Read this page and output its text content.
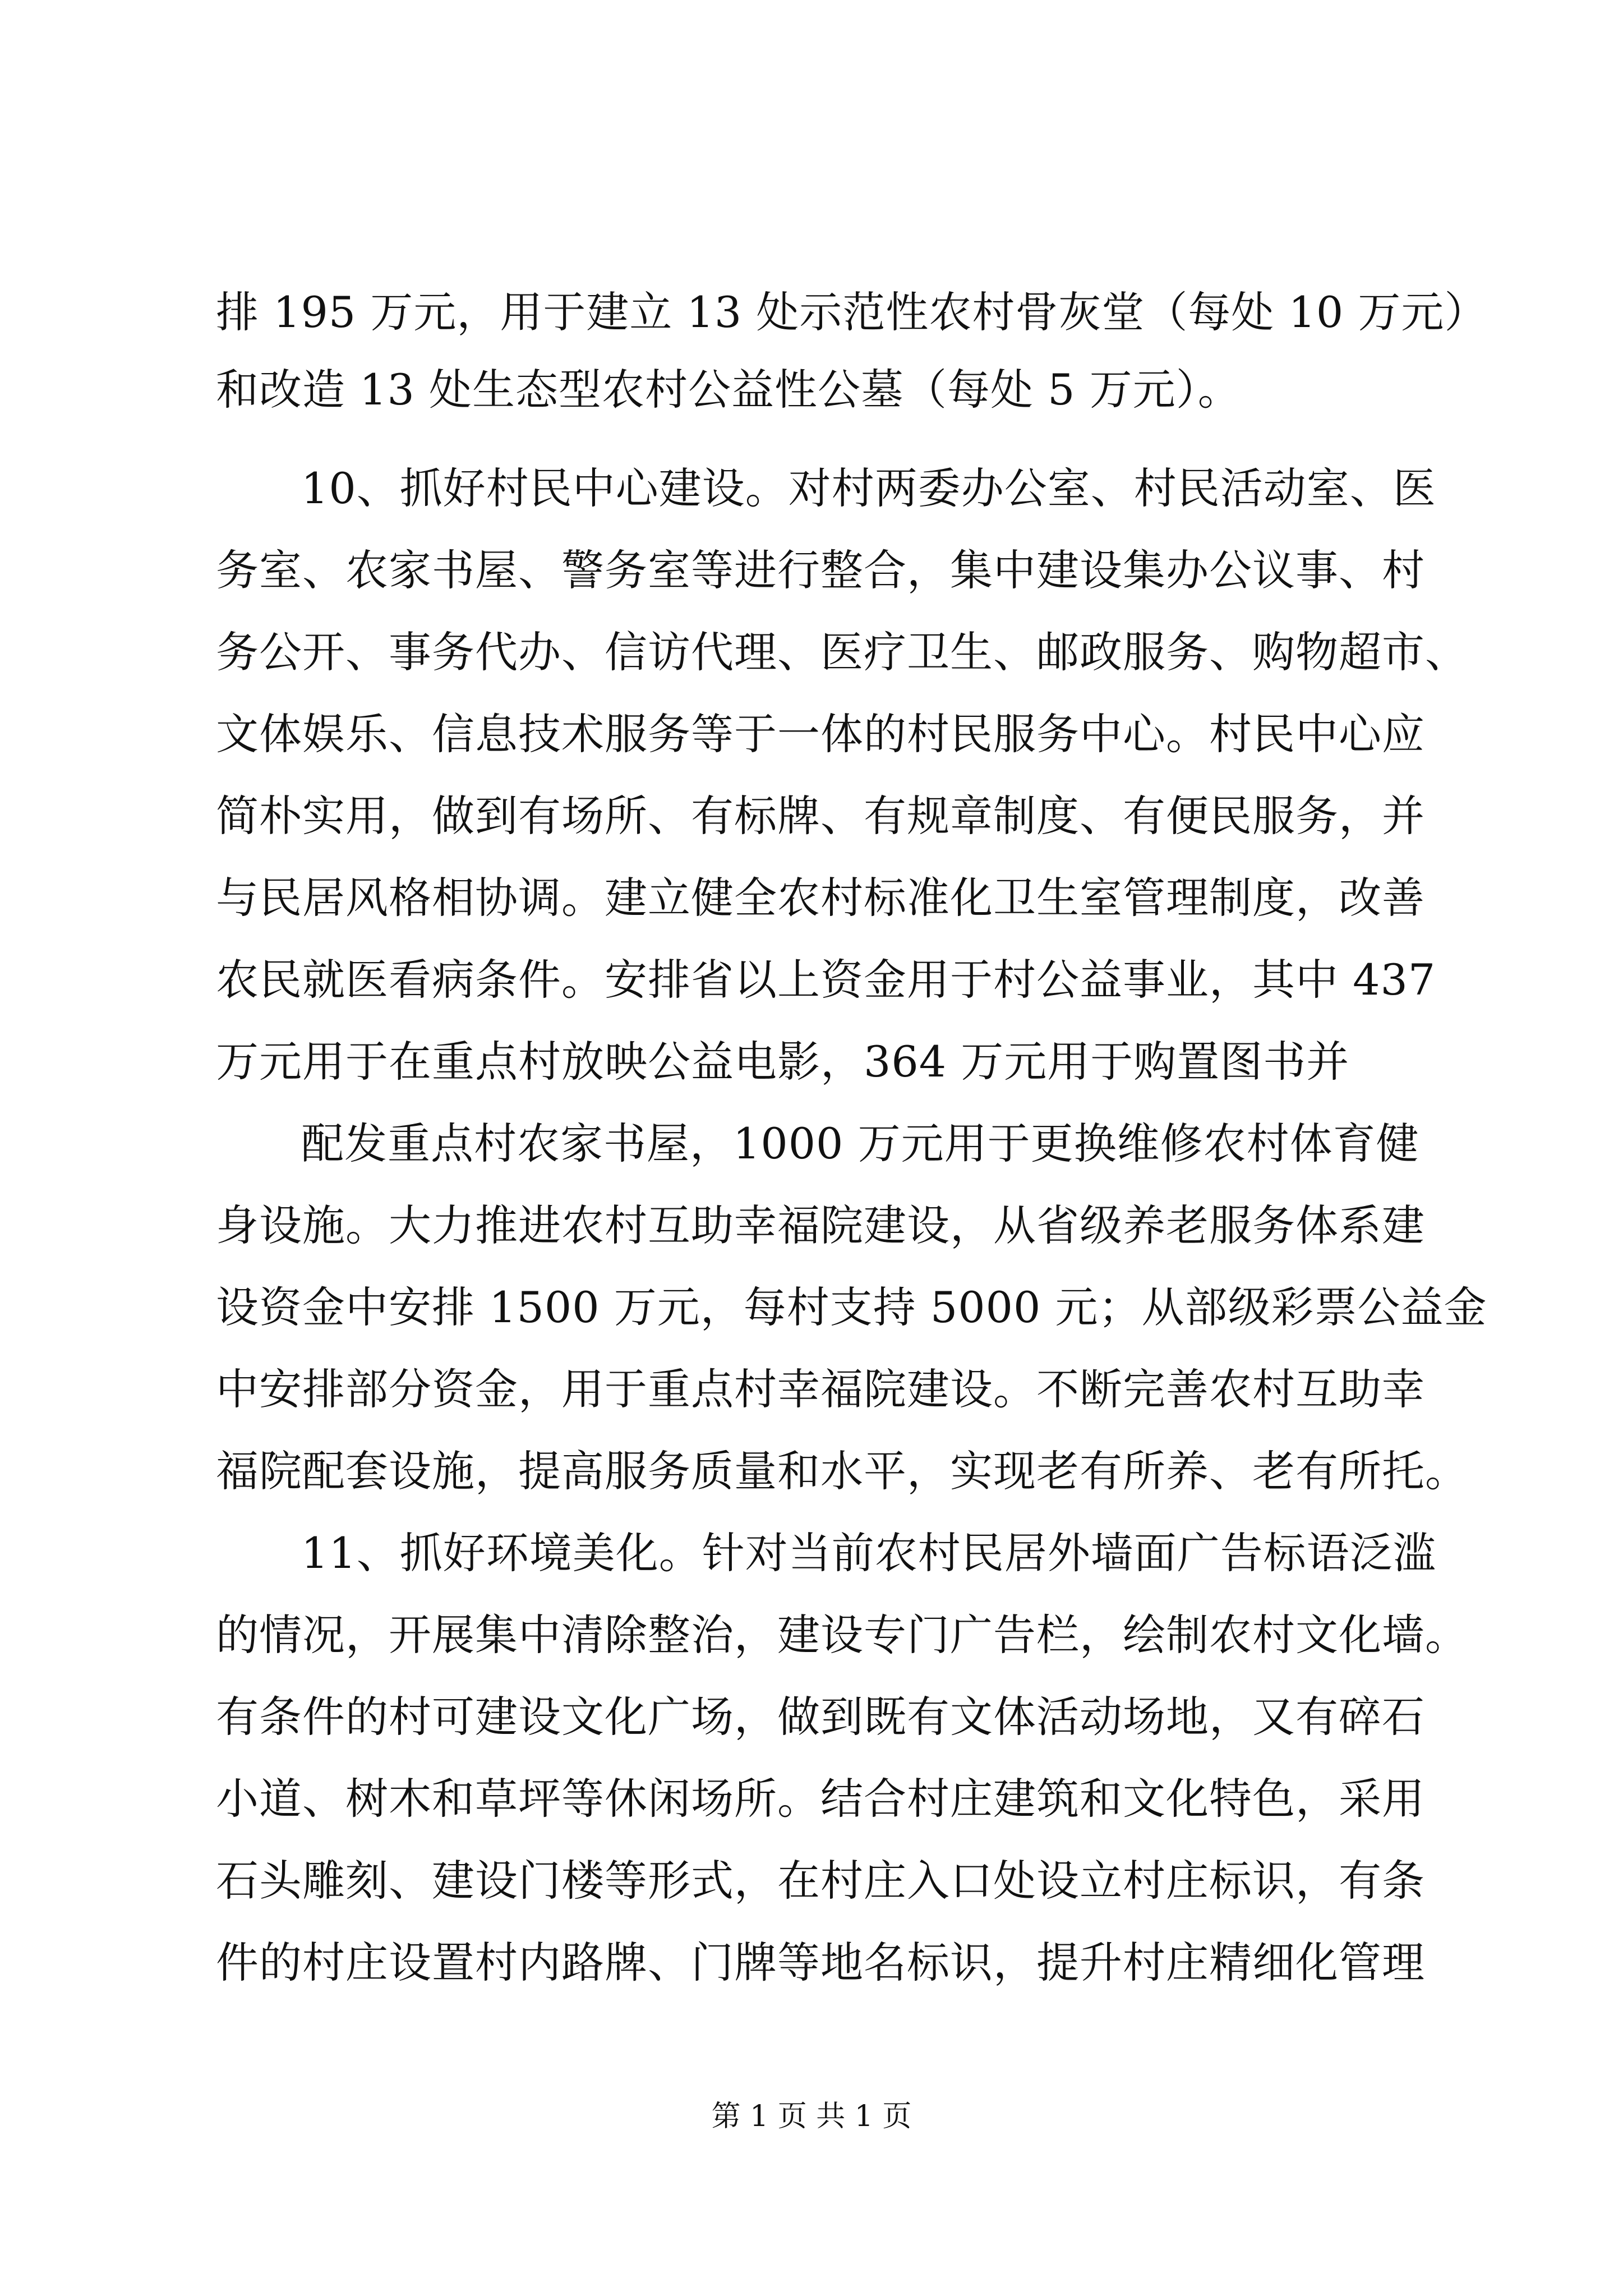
排 195 万元，用于建立 13 处示范性农村骨灰堂（每处 10 万元）
和改造 13 处生态型农村公益性公墓（每处 5 万元）。
10、抓好村民中心建设。对村两委办公室、村民活动室、医
务室、农家书屋、警务室等进行整合，集中建设集办公议事、村
务公开、事务代办、信访代理、医疗卫生、邮政服务、购物超市、
文体娱乐、信息技术服务等于一体的村民服务中心。村民中心应
简朴实用，做到有场所、有标牌、有规章制度、有便民服务，并
与民居风格相协调。建立健全农村标准化卫生室管理制度，改善
农民就医看病条件。安排省以上资金用于村公益事业，其中 437
万元用于在重点村放映公益电影，364 万元用于购置图书并
配发重点村农家书屋，1000 万元用于更换维修农村体育健
身设施。大力推进农村互助幸福院建设，从省级养老服务体系建
设资金中安排 1500 万元，每村支持 5000 元；从部级彩票公益金
中安排部分资金，用于重点村幸福院建设。不断完善农村互助幸
福院配套设施，提高服务质量和水平，实现老有所养、老有所托。
11、抓好环境美化。针对当前农村民居外墙面广告标语泛滥
的情况，开展集中清除整治，建设专门广告栏，绘制农村文化墙。
有条件的村可建设文化广场，做到既有文体活动场地，又有碎石
小道、树木和草坪等休闲场所。结合村庄建筑和文化特色，采用
石头雕刻、建设门楼等形式，在村庄入口处设立村庄标识，有条
件的村庄设置村内路牌、门牌等地名标识，提升村庄精细化管理
第 1 页 共 1 页
